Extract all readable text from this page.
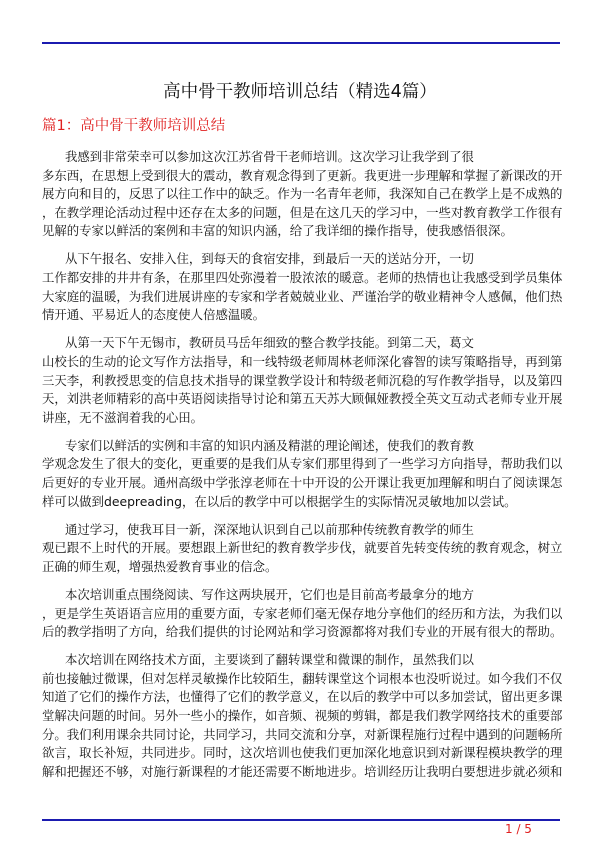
高中骨干教师培训总结（精选4篇）
篇1：高中骨干教师培训总结
我感到非常荣幸可以参加这次江苏省骨干老师培训。这次学习让我学到了很
多东西，在思想上受到很大的震动，教育观念得到了更新。我更进一步理解和掌握了新课改的开
展方向和目的，反思了以往工作中的缺乏。作为一名青年老师，我深知自己在教学上是不成熟的
，在教学理论活动过程中还存在太多的问题，但是在这几天的学习中，一些对教育教学工作很有
见解的专家以鲜活的案例和丰富的知识内涵，给了我详细的操作指导，使我感悟很深。
从下午报名、安排入住，到每天的食宿安排，到最后一天的送站分开，一切
工作都安排的井井有条，在那里四处弥漫着一股浓浓的暖意。老师的热情也让我感受到学员集体
大家庭的温暖，为我们进展讲座的专家和学者兢兢业业、严谨治学的敬业精神令人感佩，他们热
情开通、平易近人的态度使人倍感温暖。
从第一天下午无锡市，教研员马岳年细致的整合教学技能。到第二天，葛文
山校长的生动的论文写作方法指导，和一线特级老师周林老师深化睿智的读写策略指导，再到第
三天李，利教授思变的信息技术指导的课堂教学设计和特级老师沉稳的写作教学指导，以及第四
天，刘洪老师精彩的高中英语阅读指导讨论和第五天苏大顾佩娅教授全英文互动式老师专业开展
讲座，无不滋润着我的心田。
专家们以鲜活的实例和丰富的知识内涵及精湛的理论阐述，使我们的教育教
学观念发生了很大的变化，更重要的是我们从专家们那里得到了一些学习方向指导，帮助我们以
后更好的专业开展。通州高级中学张淳老师在十中开设的公开课让我更加理解和明白了阅读课怎
样可以做到deepreading，在以后的教学中可以根据学生的实际情况灵敏地加以尝试。
通过学习，使我耳目一新，深深地认识到自己以前那种传统教育教学的师生
观已跟不上时代的开展。要想跟上新世纪的教育教学步伐，就要首先转变传统的教育观念，树立
正确的师生观，增强热爱教育事业的信念。
本次培训重点围绕阅读、写作这两块展开，它们也是目前高考最拿分的地方
，更是学生英语语言应用的重要方面，专家老师们毫无保存地分享他们的经历和方法，为我们以
后的教学指明了方向，给我们提供的讨论网站和学习资源都将对我们专业的开展有很大的帮助。
本次培训在网络技术方面，主要谈到了翻转课堂和微课的制作，虽然我们以
前也接触过微课，但对怎样灵敏操作比较陌生，翻转课堂这个词根本也没听说过。如今我们不仅
知道了它们的操作方法，也懂得了它们的教学意义，在以后的教学中可以多加尝试，留出更多课
堂解决问题的时间。另外一些小的操作，如音频、视频的剪辑，都是我们教学网络技术的重要部
分。我们利用课余共同讨论，共同学习，共同交流和分享，对新课程施行过程中遇到的问题畅所
欲言，取长补短，共同进步。同时，这次培训也使我们更加深化地意识到对新课程模块教学的理
解和把握还不够，对施行新课程的才能还需要不断地进步。培训经历让我明白要想进步就必须和
1 / 5
